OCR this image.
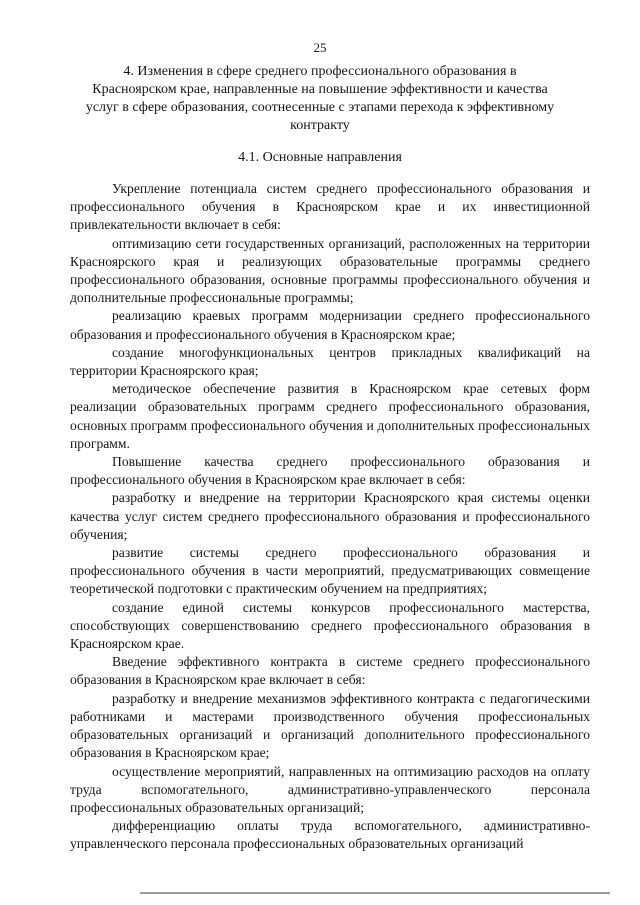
25
4. Изменения в сфере среднего профессионального образования в Красноярском крае, направленные на повышение эффективности и качества услуг в сфере образования, соотнесенные с этапами перехода к эффективному контракту
4.1. Основные направления

Укрепление потенциала систем среднего профессионального образования и профессионального обучения в Красноярском крае и их инвестиционной привлекательности включает в себя:

оптимизацию сети государственных организаций, расположенных на территории Красноярского края и реализующих образовательные программы среднего профессионального образования, основные программы профессионального обучения и дополнительные профессиональные программы;

реализацию краевых программ модернизации среднего профессионального образования и профессионального обучения в Красноярском крае;

создание многофункциональных центров прикладных квалификаций на территории Красноярского края;

методическое обеспечение развития в Красноярском крае сетевых форм реализации образовательных программ среднего профессионального образования, основных программ профессионального обучения и дополнительных профессиональных программ.

Повышение качества среднего профессионального образования и профессионального обучения в Красноярском крае включает в себя:

разработку и внедрение на территории Красноярского края системы оценки качества услуг систем среднего профессионального образования и профессионального обучения;

развитие системы среднего профессионального образования и профессионального обучения в части мероприятий, предусматривающих совмещение теоретической подготовки с практическим обучением на предприятиях;

создание единой системы конкурсов профессионального мастерства, способствующих совершенствованию среднего профессионального образования в Красноярском крае.

Введение эффективного контракта в системе среднего профессионального образования в Красноярском крае включает в себя:

разработку и внедрение механизмов эффективного контракта с педагогическими работниками и мастерами производственного обучения профессиональных образовательных организаций и организаций дополнительного профессионального образования в Красноярском крае;

осуществление мероприятий, направленных на оптимизацию расходов на оплату труда вспомогательного, административно-управленческого персонала профессиональных образовательных организаций;

дифференциацию оплаты труда вспомогательного, административно-управленческого персонала профессиональных образовательных организаций
